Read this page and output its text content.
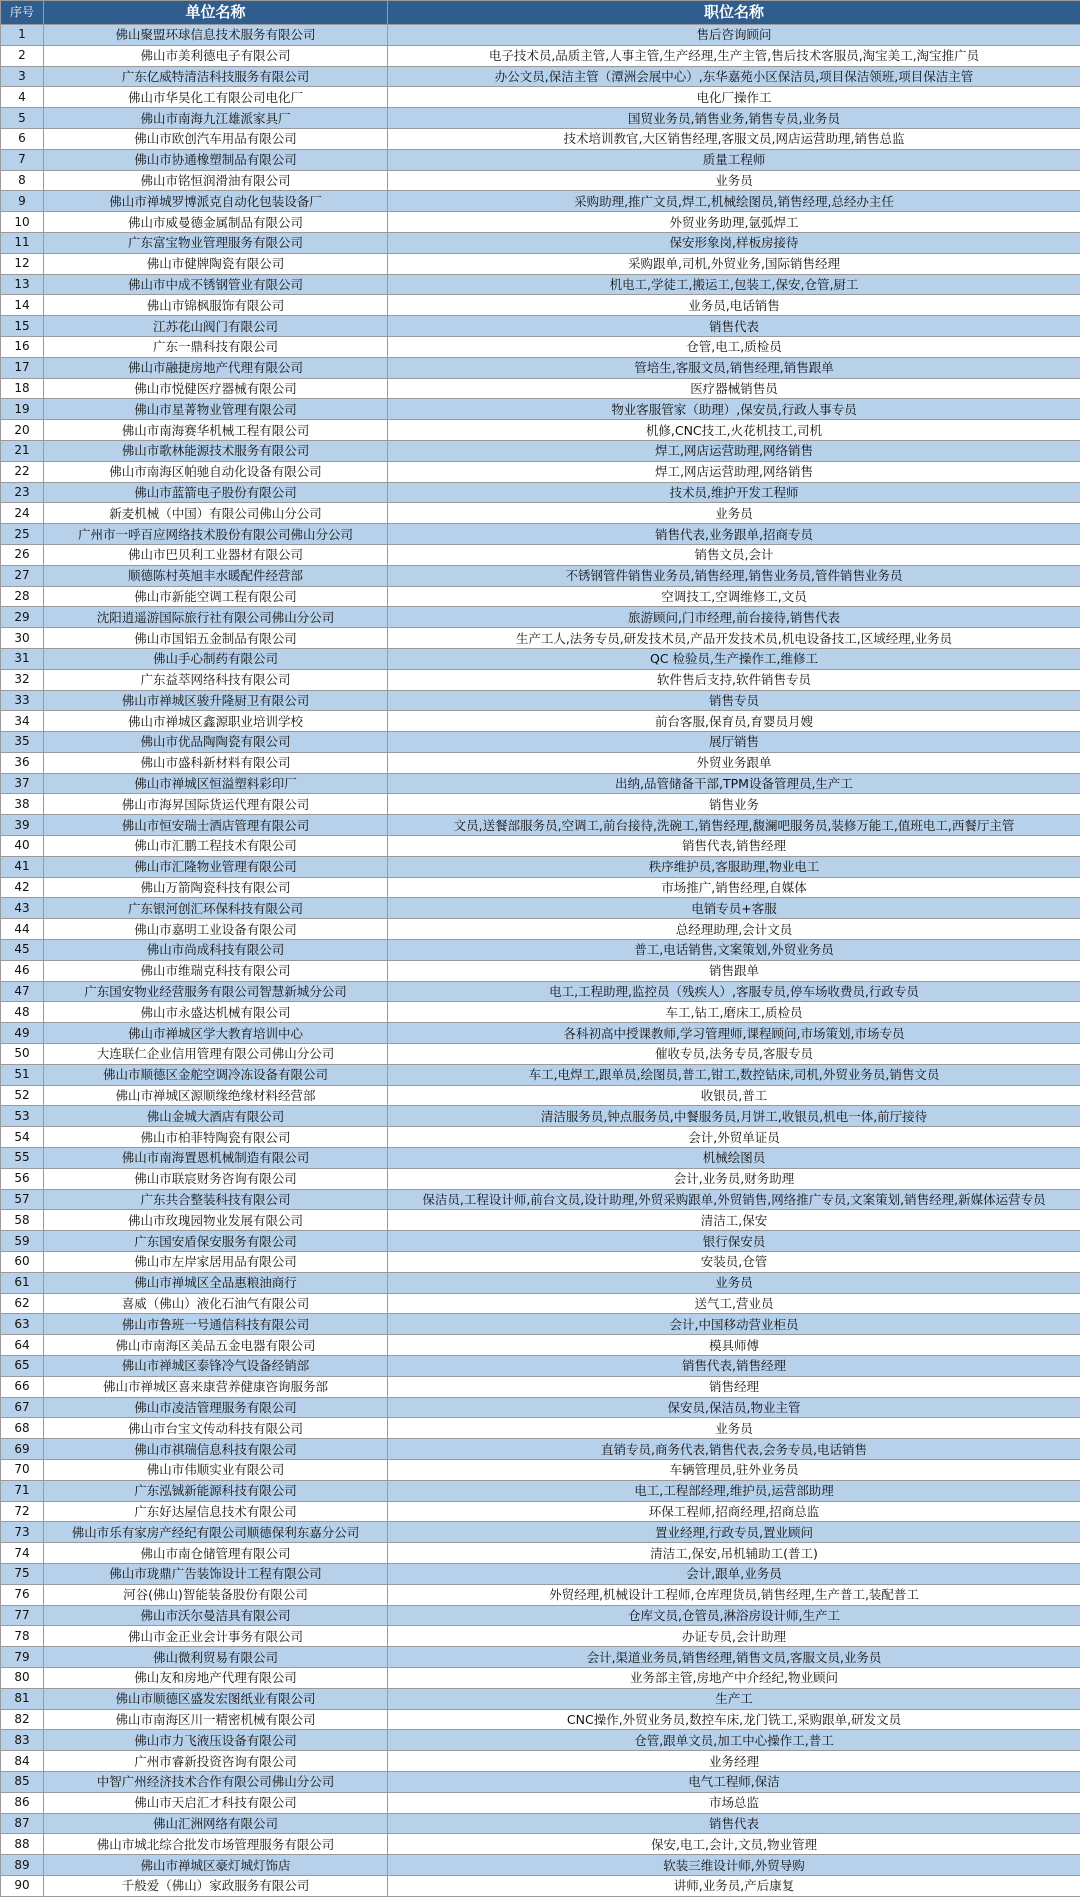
序号	单位名称	职位名称
1	佛山聚盟环球信息技术服务有限公司	售后咨询顾问
2	佛山市美利德电子有限公司	电子技术员,品质主管,人事主管,生产经理,生产主管,售后技术客服员,淘宝美工,淘宝推广员
3	广东亿威特清洁科技服务有限公司	办公文员,保洁主管（潭洲会展中心）,东华嘉苑小区保洁员,项目保洁领班,项目保洁主管
4	佛山市华昊化工有限公司电化厂	电化厂操作工
5	佛山市南海九江雄派家具厂	国贸业务员,销售业务,销售专员,业务员
6	佛山市欧创汽车用品有限公司	技术培训教官,大区销售经理,客服文员,网店运营助理,销售总监
7	佛山市协通橡塑制品有限公司	质量工程师
8	佛山市铭恒润滑油有限公司	业务员
9	佛山市禅城罗博派克自动化包装设备厂	采购助理,推广文员,焊工,机械绘图员,销售经理,总经办主任
10	佛山市威曼德金属制品有限公司	外贸业务助理,氩弧焊工
11	广东富宝物业管理服务有限公司	保安形象岗,样板房接待
12	佛山市健牌陶瓷有限公司	采购跟单,司机,外贸业务,国际销售经理
13	佛山市中成不锈钢管业有限公司	机电工,学徒工,搬运工,包装工,保安,仓管,厨工
14	佛山市锦枫服饰有限公司	业务员,电话销售
15	江苏花山阀门有限公司	销售代表
16	广东一鼎科技有限公司	仓管,电工,质检员
17	佛山市融捷房地产代理有限公司	管培生,客服文员,销售经理,销售跟单
18	佛山市悦健医疗器械有限公司	医疗器械销售员
19	佛山市星菁物业管理有限公司	物业客服管家（助理）,保安员,行政人事专员
20	佛山市南海赛华机械工程有限公司	机修,CNC技工,火花机技工,司机
21	佛山市歌林能源技术服务有限公司	焊工,网店运营助理,网络销售
22	佛山市南海区帕驰自动化设备有限公司	焊工,网店运营助理,网络销售
23	佛山市蓝箭电子股份有限公司	技术员,维护开发工程师
24	新麦机械（中国）有限公司佛山分公司	业务员
25	广州市一呼百应网络技术股份有限公司佛山分公司	销售代表,业务跟单,招商专员
26	佛山市巴贝利工业器材有限公司	销售文员,会计
27	顺德陈村英旭丰水暖配件经营部	不锈钢管件销售业务员,销售经理,销售业务员,管件销售业务员
28	佛山市新能空调工程有限公司	空调技工,空调维修工,文员
29	沈阳逍遥游国际旅行社有限公司佛山分公司	旅游顾问,门市经理,前台接待,销售代表
30	佛山市国铝五金制品有限公司	生产工人,法务专员,研发技术员,产品开发技术员,机电设备技工,区域经理,业务员
31	佛山手心制药有限公司	QC 检验员,生产操作工,维修工
32	广东益萃网络科技有限公司	软件售后支持,软件销售专员
33	佛山市禅城区骏升隆厨卫有限公司	销售专员
34	佛山市禅城区鑫源职业培训学校	前台客服,保育员,育婴员月嫂
35	佛山市优品陶陶瓷有限公司	展厅销售
36	佛山市盛科新材料有限公司	外贸业务跟单
37	佛山市禅城区恒溢塑料彩印厂	出纳,品管储备干部,TPM设备管理员,生产工
38	佛山市海昇国际货运代理有限公司	销售业务
39	佛山市恒安瑞士酒店管理有限公司	文员,送餐部服务员,空调工,前台接待,洗碗工,销售经理,馥澜吧服务员,装修万能工,值班电工,西餐厅主管
40	佛山市汇鹏工程技术有限公司	销售代表,销售经理
41	佛山市汇隆物业管理有限公司	秩序维护员,客服助理,物业电工
42	佛山万箭陶瓷科技有限公司	市场推广,销售经理,自媒体
43	广东银河创汇环保科技有限公司	电销专员+客服
44	佛山市嘉明工业设备有限公司	总经理助理,会计文员
45	佛山市尚成科技有限公司	普工,电话销售,文案策划,外贸业务员
46	佛山市维瑞克科技有限公司	销售跟单
47	广东国安物业经营服务有限公司智慧新城分公司	电工,工程助理,监控员（残疾人）,客服专员,停车场收费员,行政专员
48	佛山市永盛达机械有限公司	车工,钻工,磨床工,质检员
49	佛山市禅城区学大教育培训中心	各科初高中授课教师,学习管理师,课程顾问,市场策划,市场专员
50	大连联仁企业信用管理有限公司佛山分公司	催收专员,法务专员,客服专员
51	佛山市顺德区金舵空调冷冻设备有限公司	车工,电焊工,跟单员,绘图员,普工,钳工,数控钻床,司机,外贸业务员,销售文员
52	佛山市禅城区源顺缘绝缘材料经营部	收银员,普工
53	佛山金城大酒店有限公司	清洁服务员,钟点服务员,中餐服务员,月饼工,收银员,机电一体,前厅接待
54	佛山市柏菲特陶瓷有限公司	会计,外贸单证员
55	佛山市南海置恩机械制造有限公司	机械绘图员
56	佛山市联宸财务咨询有限公司	会计,业务员,财务助理
57	广东共合整装科技有限公司	保洁员,工程设计师,前台文员,设计助理,外贸采购跟单,外贸销售,网络推广专员,文案策划,销售经理,新媒体运营专员
58	佛山市玫瑰园物业发展有限公司	清洁工,保安
59	广东国安盾保安服务有限公司	银行保安员
60	佛山市左岸家居用品有限公司	安装员,仓管
61	佛山市禅城区全品惠粮油商行	业务员
62	喜威（佛山）液化石油气有限公司	送气工,营业员
63	佛山市鲁班一号通信科技有限公司	会计,中国移动营业柜员
64	佛山市南海区美品五金电器有限公司	模具师傅
65	佛山市禅城区泰锋冷气设备经销部	销售代表,销售经理
66	佛山市禅城区喜来康营养健康咨询服务部	销售经理
67	佛山市凌洁管理服务有限公司	保安员,保洁员,物业主管
68	佛山市台宝文传动科技有限公司	业务员
69	佛山市祺瑞信息科技有限公司	直销专员,商务代表,销售代表,会务专员,电话销售
70	佛山市伟顺实业有限公司	车辆管理员,驻外业务员
71	广东泓铖新能源科技有限公司	电工,工程部经理,维护员,运营部助理
72	广东好达屋信息技术有限公司	环保工程师,招商经理,招商总监
73	佛山市乐有家房产经纪有限公司顺德保利东嘉分公司	置业经理,行政专员,置业顾问
74	佛山市南仓储管理有限公司	清洁工,保安,吊机辅助工(普工)
75	佛山市珑鼎广告装饰设计工程有限公司	会计,跟单,业务员
76	河谷(佛山)智能装备股份有限公司	外贸经理,机械设计工程师,仓库理货员,销售经理,生产普工,装配普工
77	佛山市沃尔曼洁具有限公司	仓库文员,仓管员,淋浴房设计师,生产工
78	佛山市金正业会计事务有限公司	办证专员,会计助理
79	佛山微利贸易有限公司	会计,渠道业务员,销售经理,销售文员,客服文员,业务员
80	佛山友和房地产代理有限公司	业务部主管,房地产中介经纪,物业顾问
81	佛山市顺德区盛发宏图纸业有限公司	生产工
82	佛山市南海区川一精密机械有限公司	CNC操作,外贸业务员,数控车床,龙门铣工,采购跟单,研发文员
83	佛山市力飞液压设备有限公司	仓管,跟单文员,加工中心操作工,普工
84	广州市睿新投资咨询有限公司	业务经理
85	中智广州经济技术合作有限公司佛山分公司	电气工程师,保洁
86	佛山市天启汇才科技有限公司	市场总监
87	佛山汇洲网络有限公司	销售代表
88	佛山市城北综合批发市场管理服务有限公司	保安,电工,会计,文员,物业管理
89	佛山市禅城区豪灯城灯饰店	软装三维设计师,外贸导购
90	千般爱（佛山）家政服务有限公司	讲师,业务员,产后康复
